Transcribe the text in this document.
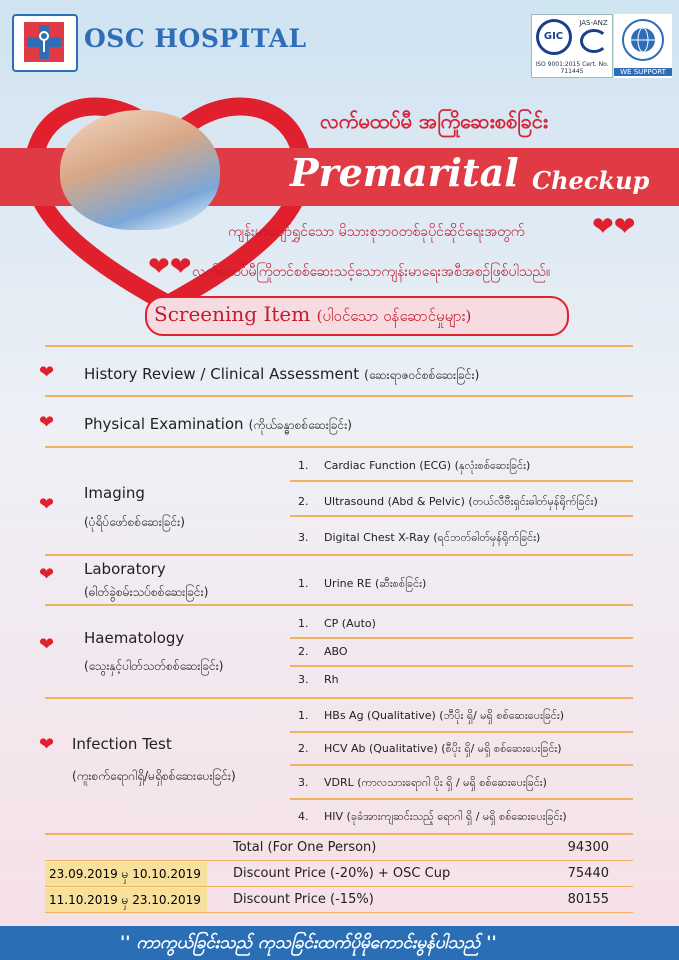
OSC HOSPITAL	GIC
JAS-ANZ
ISO 9001:2015 Cert. No. 711445	WE SUPPORT
လက်မထပ်မီ အကြိုဆေးစစ်ခြင်း
Premarital Checkup
❤❤
ကျန်းမာပျော်ရွှင်သော မိသားစုဘဝတစ်ခုပိုင်ဆိုင်ရေးအတွက်
❤❤ လက်မထပ်မီကြိုတင်စစ်ဆေးသင့်သောကျန်းမာရေးအစီအစဥ်ဖြစ်ပါသည်။
Screening Item (ပါဝင်သော ဝန်ဆောင်မှုများ)
❤ History Review / Clinical Assessment (ဆေးရာဇဝင်စစ်ဆေးခြင်း)
❤ Physical Examination (ကိုယ်ခန္ဓာစစ်ဆေးခြင်း)
❤
Imaging
(ပုံရိပ်ဖော်စစ်ဆေးခြင်း)
1. Cardiac Function (ECG) (နှလုံးစစ်ဆေးခြင်း)
2. Ultrasound (Abd & Pelvic) (တယ်လီဗီးရှင်းဓါတ်မှန်ရိုက်ခြင်း)
3. Digital Chest X-Ray (ရင်ဘတ်ဓါတ်မှန်ရိုက်ခြင်း)
❤ Laboratory
(ဓါတ်ခွဲစမ်းသပ်စစ်ဆေးခြင်း)
1. Urine RE (ဆီးစစ်ခြင်း)
❤ Haematology
(သွေးနှင့်ပါတ်သတ်စစ်ဆေးခြင်း)
1. CP (Auto)
2. ABO
3. Rh
❤ Infection Test
(ကူးစက်ရောဂါရှိ/မရှိစစ်ဆေးပေးခြင်း)
1. HBs Ag (Qualitative) (ဘီပိုး ရှိ/ မရှိ စစ်ဆေးပေးခြင်း)
2. HCV Ab (Qualitative) (စီပိုး ရှိ/ မရှိ စစ်ဆေးပေးခြင်း)
3. VDRL (ကာလသားရောဂါ ပိုး ရှိ / မရှိ စစ်ဆေးပေးခြင်း)
4. HIV (ခုခံအားကျဆင်းသည့် ရောဂါ ရှိ / မရှိ စစ်ဆေးပေးခြင်း)
Total (For One Person)	94300
23.09.2019 မှ 10.10.2019	Discount Price (-20%) + OSC Cup	75440
11.10.2019 မှ 23.10.2019	Discount Price (-15%)	80155
'' ကာကွယ်ခြင်းသည် ကုသခြင်းထက်ပိုမိုကောင်းမွန်ပါသည် ''
